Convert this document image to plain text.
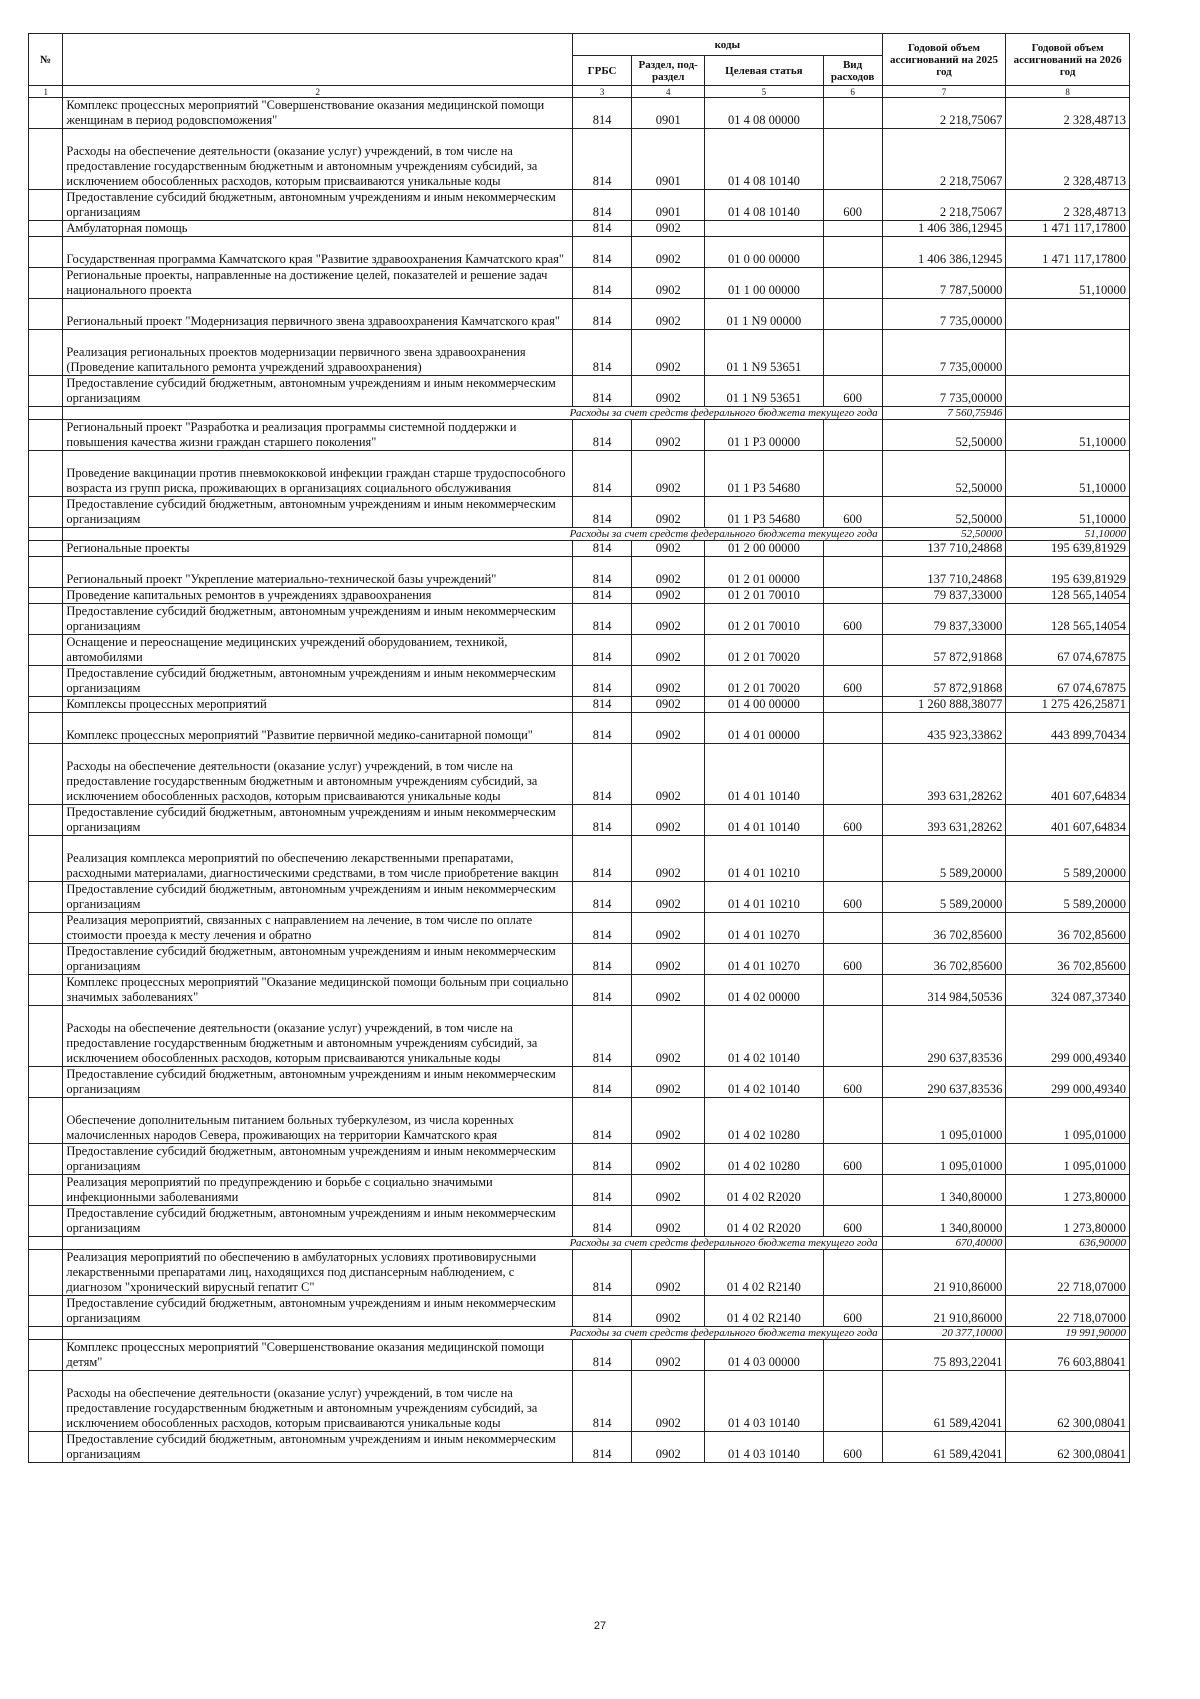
№		коды				Годовой объем ассигнований на 2025 год	Годовой объем ассигнований на 2026 год
		ГРБС	Раздел, под-раздел	Целевая статья	Вид расходов		
1	2	3	4	5	6	7	8
	Комплекс процессных мероприятий "Совершенствование оказания медицинской помощи женщинам в период родовспоможения"	814	0901	01 4 08 00000		2 218,75067	2 328,48713
	Расходы на обеспечение деятельности (оказание услуг) учреждений, в том числе на предоставление государственным бюджетным и автономным учреждениям субсидий, за исключением обособленных расходов, которым присваиваются уникальные коды	814	0901	01 4 08 10140		2 218,75067	2 328,48713
	Предоставление субсидий бюджетным, автономным учреждениям и иным некоммерческим организациям	814	0901	01 4 08 10140	600	2 218,75067	2 328,48713
	Амбулаторная помощь	814	0902			1 406 386,12945	1 471 117,17800
	Государственная программа Камчатского края "Развитие здравоохранения Камчатского края"	814	0902	01 0 00 00000		1 406 386,12945	1 471 117,17800
	Региональные проекты, направленные на достижение целей, показателей и решение задач национального проекта	814	0902	01 1 00 00000		7 787,50000	51,10000
	Региональный проект "Модернизация первичного звена здравоохранения Камчатского края"	814	0902	01 1 N9 00000		7 735,00000	
	Реализация региональных проектов модернизации первичного звена здравоохранения (Проведение капитального ремонта учреждений здравоохранения)	814	0902	01 1 N9 53651		7 735,00000	
	Предоставление субсидий бюджетным, автономным учреждениям и иным некоммерческим организациям	814	0902	01 1 N9 53651	600	7 735,00000	
	Расходы за счет средств федерального бюджета текущего года					7 560,75946	
	Региональный проект "Разработка и реализация программы системной поддержки и повышения качества жизни граждан старшего поколения"	814	0902	01 1 P3 00000		52,50000	51,10000
	Проведение вакцинации против пневмококковой инфекции граждан старше трудоспособного возраста из групп риска, проживающих в организациях социального обслуживания	814	0902	01 1 P3 54680		52,50000	51,10000
	Предоставление субсидий бюджетным, автономным учреждениям и иным некоммерческим организациям	814	0902	01 1 P3 54680	600	52,50000	51,10000
	Расходы за счет средств федерального бюджета текущего года					52,50000	51,10000
	Региональные проекты	814	0902	01 2 00 00000		137 710,24868	195 639,81929
	Региональный проект "Укрепление материально-технической базы учреждений"	814	0902	01 2 01 00000		137 710,24868	195 639,81929
	Проведение капитальных ремонтов в учреждениях здравоохранения	814	0902	01 2 01 70010		79 837,33000	128 565,14054
	Предоставление субсидий бюджетным, автономным учреждениям и иным некоммерческим организациям	814	0902	01 2 01 70010	600	79 837,33000	128 565,14054
	Оснащение и переоснащение медицинских учреждений оборудованием, техникой, автомобилями	814	0902	01 2 01 70020		57 872,91868	67 074,67875
	Предоставление субсидий бюджетным, автономным учреждениям и иным некоммерческим организациям	814	0902	01 2 01 70020	600	57 872,91868	67 074,67875
	Комплексы процессных мероприятий	814	0902	01 4 00 00000		1 260 888,38077	1 275 426,25871
	Комплекс процессных мероприятий "Развитие первичной медико-санитарной помощи"	814	0902	01 4 01 00000		435 923,33862	443 899,70434
	Расходы на обеспечение деятельности (оказание услуг) учреждений, в том числе на предоставление государственным бюджетным и автономным учреждениям субсидий, за исключением обособленных расходов, которым присваиваются уникальные коды	814	0902	01 4 01 10140		393 631,28262	401 607,64834
	Предоставление субсидий бюджетным, автономным учреждениям и иным некоммерческим организациям	814	0902	01 4 01 10140	600	393 631,28262	401 607,64834
	Реализация комплекса мероприятий по обеспечению лекарственными препаратами, расходными материалами, диагностическими средствами, в том числе приобретение вакцин	814	0902	01 4 01 10210		5 589,20000	5 589,20000
	Предоставление субсидий бюджетным, автономным учреждениям и иным некоммерческим организациям	814	0902	01 4 01 10210	600	5 589,20000	5 589,20000
	Реализация мероприятий, связанных с направлением на лечение, в том числе по оплате стоимости проезда к месту лечения и обратно	814	0902	01 4 01 10270		36 702,85600	36 702,85600
	Предоставление субсидий бюджетным, автономным учреждениям и иным некоммерческим организациям	814	0902	01 4 01 10270	600	36 702,85600	36 702,85600
	Комплекс процессных мероприятий "Оказание медицинской помощи больным при социально значимых заболеваниях"	814	0902	01 4 02 00000		314 984,50536	324 087,37340
	Расходы на обеспечение деятельности (оказание услуг) учреждений, в том числе на предоставление государственным бюджетным и автономным учреждениям субсидий, за исключением обособленных расходов, которым присваиваются уникальные коды	814	0902	01 4 02 10140		290 637,83536	299 000,49340
	Предоставление субсидий бюджетным, автономным учреждениям и иным некоммерческим организациям	814	0902	01 4 02 10140	600	290 637,83536	299 000,49340
	Обеспечение дополнительным питанием больных туберкулезом, из числа коренных малочисленных народов Севера, проживающих на территории Камчатского края	814	0902	01 4 02 10280		1 095,01000	1 095,01000
	Предоставление субсидий бюджетным, автономным учреждениям и иным некоммерческим организациям	814	0902	01 4 02 10280	600	1 095,01000	1 095,01000
	Реализация мероприятий по предупреждению и борьбе с социально значимыми инфекционными заболеваниями	814	0902	01 4 02 R2020		1 340,80000	1 273,80000
	Предоставление субсидий бюджетным, автономным учреждениям и иным некоммерческим организациям	814	0902	01 4 02 R2020	600	1 340,80000	1 273,80000
	Расходы за счет средств федерального бюджета текущего года					670,40000	636,90000
	Реализация мероприятий по обеспечению в амбулаторных условиях противовирусными лекарственными препаратами лиц, находящихся под диспансерным наблюдением, с диагнозом "хронический вирусный гепатит С"	814	0902	01 4 02 R2140		21 910,86000	22 718,07000
	Предоставление субсидий бюджетным, автономным учреждениям и иным некоммерческим организациям	814	0902	01 4 02 R2140	600	21 910,86000	22 718,07000
	Расходы за счет средств федерального бюджета текущего года					20 377,10000	19 991,90000
	Комплекс процессных мероприятий "Совершенствование оказания медицинской помощи детям"	814	0902	01 4 03 00000		75 893,22041	76 603,88041
	Расходы на обеспечение деятельности (оказание услуг) учреждений, в том числе на предоставление государственным бюджетным и автономным учреждениям субсидий, за исключением обособленных расходов, которым присваиваются уникальные коды	814	0902	01 4 03 10140		61 589,42041	62 300,08041
	Предоставление субсидий бюджетным, автономным учреждениям и иным некоммерческим организациям	814	0902	01 4 03 10140	600	61 589,42041	62 300,08041
27
